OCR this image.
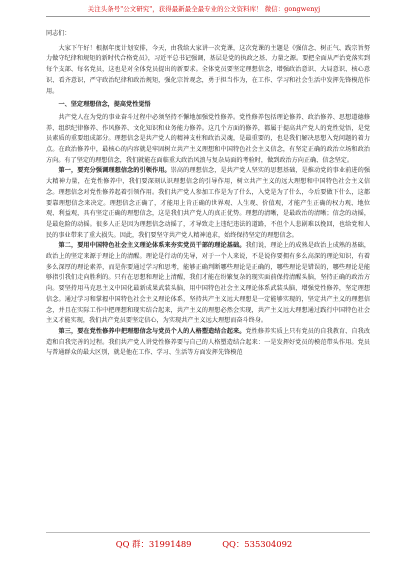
关注头条号"公文研究"，获得最新最全最专业的公文资料库！ 微信：gongwenyj

同志们：

大家下午好！根据年度计划安排，今天，由我给大家讲一次党课，这次党课的主题是《强信念、树正气、践宗旨努力做守纪律和规矩的新时代合格党员》，习近平总书记强调，基层是党的执政之基、力量之源。要把全面从严治党落实到每个支部、每名党员，这也是对全体党员提出的新要求。全体党员要坚定理想信念，增强政治意识、大局意识、核心意识、看齐意识，严守政治纪律和政治规矩，强化宗旨观念，勇于担当作为，在工作、学习和社会生活中发挥先锋模范作用。

一、坚定理想信念，提高党性觉悟

共产党人在为党的事业奋斗过程中必须坚持不懈地加强党性修养。党性修养包括理论修养、政治修养、思想道德修养、组织纪律修养、作风修养、文化知识和业务能力修养。这几个方面的修养，都属于提高共产党人的党性觉悟，是党员素质的重要组成部分。理想信念是共产党人的精神支柱和政治灵魂，是最重要的，也是我们解决思想入党问题的着力点。在政治修养中，最核心的内容就是牢固树立共产主义理想和中国特色社会主义信念，有坚定正确的政治立场和政治方向。有了坚定的理想信念，我们就能在面临重大政治风浪与复杂局面的考验时，做到政治方向正确、信念坚定。

第一，要充分强调理想信念的引领作用。崇高的理想信念，是共产党人坚实的思想基础，是推动党的事业前进的强大精神力量，在党性修养中，我们要深刻认识理想信念的引导作用，树立共产主义的远大理想和中国特色社会主义信念。理想信念对党性修养起着引领作用。我们共产党人参加工作是为了什么，入党是为了什么，今后要做下什么，这都要靠理想信念来决定。理想信念正确了，才能用上肯正确的世界观、人生观、价值观，才能产生正确的权力观、地位观、利益观，具有坚定正确的理想信念，这是我们共产党人的真正优势。理想的清晰，是最政治的清晰；信念的动摇，是最危险的动摇。很多人正是因为理想信念动摇了，才导致走上违纪违法的道路，不但个人悲剧难以挽回，也给党和人民的事业带来了重大损失。因此，我们要坚守共产党人精神追求，始终保持坚定的理想信念。

第二，要用中国特色社会主义理论体系来夯实党员干部的理论基础。我们说，理论上的成熟是政治上成熟的基础，政治上的坚定来源于理论上的清醒。理论是行动的先导，对于一个人来说，不是说你要拥有多么高深的理论知识，有着多么深厚的理论素养，而是你要通过学习和思考，能够正确判断哪些理论是正确的，哪些理论是错误的，哪些理论是能够指引我们走向胜利的。只有在思想和理论上清醒，我们才能在纷繁复杂的现实面前保持清醒头脑，坚持正确的政治方向。要坚持用马克思主义中国化最新成果武装头脑，用中国特色社会主义理论体系武装头脑，增强党性修养，坚定理想信念。通过学习和掌握中国特色社会主义理论体系，坚持共产主义远大理想是一定能够实现的，坚定共产主义的理想信念，并且在实际工作中把理想和现实结合起来，共产主义的理想必然会实现，共产主义远大理想通过践行中国特色社会主义才能实现，我们共产党员要坚定信心，为实现共产主义远大理想而奋斗终身。

第三，要在党性修养中把理想信念与党员个人的人格塑造结合起来。党性修养实质上只有党员的自我教育、自我改造和自我完善的过程。我们共产党人讲党性修养要与自己的人格塑造结合起来：一是发挥好党员的模范带头作用。党员与普通群众的最大区别，就是他在工作、学习、生活等方面发挥先锋模范

QQ 群：31991489	QQ：535304092
